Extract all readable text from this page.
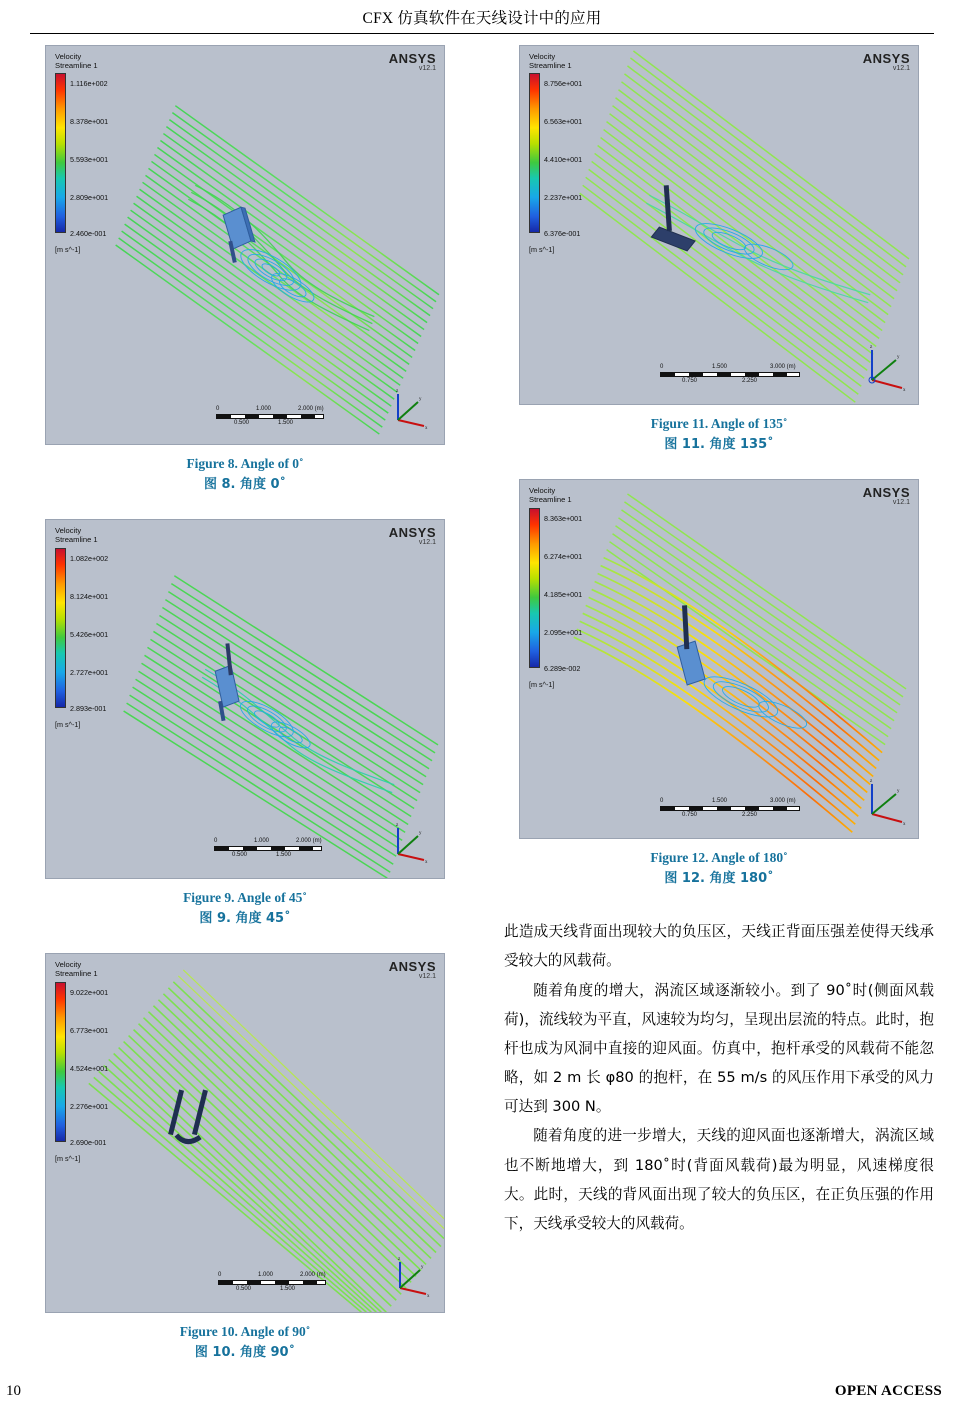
CFX 仿真软件在天线设计中的应用
Velocity
Streamline 1
1.116e+002
8.378e+001
5.593e+001
2.809e+001
2.460e-001
[m s^-1]
ANSYS
v12.1
0	1.000	2.000 (m)
0.500	1.500
z
x
y
Figure 8. Angle of 0˚
图 8. 角度 0˚
Velocity
Streamline 1
1.082e+002
8.124e+001
5.426e+001
2.727e+001
2.893e-001
[m s^-1]
ANSYS
v12.1
0	1.000	2.000 (m)
0.500	1.500
z
x
y
Figure 9. Angle of 45˚
图 9. 角度 45˚
Velocity
Streamline 1
9.022e+001
6.773e+001
4.524e+001
2.276e+001
2.690e-001
[m s^-1]
ANSYS
v12.1
0	1.000	2.000 (m)
0.500	1.500
z
x
y
Figure 10. Angle of 90˚
图 10. 角度 90˚
Velocity
Streamline 1
8.756e+001
6.563e+001
4.410e+001
2.237e+001
6.376e-001
[m s^-1]
ANSYS
v12.1
0	1.500	3.000 (m)
0.750	2.250
z
x
y
Figure 11. Angle of 135˚
图 11. 角度 135˚
Velocity
Streamline 1
8.363e+001
6.274e+001
4.185e+001
2.095e+001
6.289e-002
[m s^-1]
ANSYS
v12.1
0	1.500	3.000 (m)
0.750	2.250
z
x
y
Figure 12. Angle of 180˚
图 12. 角度 180˚

此造成天线背面出现较大的负压区，天线正背面压强差使得天线承受较大的风载荷。

随着角度的增大，涡流区域逐渐较小。到了 90˚时(侧面风载荷)，流线较为平直，风速较为均匀，呈现出层流的特点。此时，抱杆也成为风洞中直接的迎风面。仿真中，抱杆承受的风载荷不能忽略，如 2 m 长 φ80 的抱杆，在 55 m/s 的风压作用下承受的风力可达到 300 N。

随着角度的进一步增大，天线的迎风面也逐渐增大，涡流区域也不断地增大，到 180˚时(背面风载荷)最为明显，风速梯度很大。此时，天线的背风面出现了较大的负压区，在正负压强的作用下，天线承受较大的风载荷。

10	OPEN ACCESS
